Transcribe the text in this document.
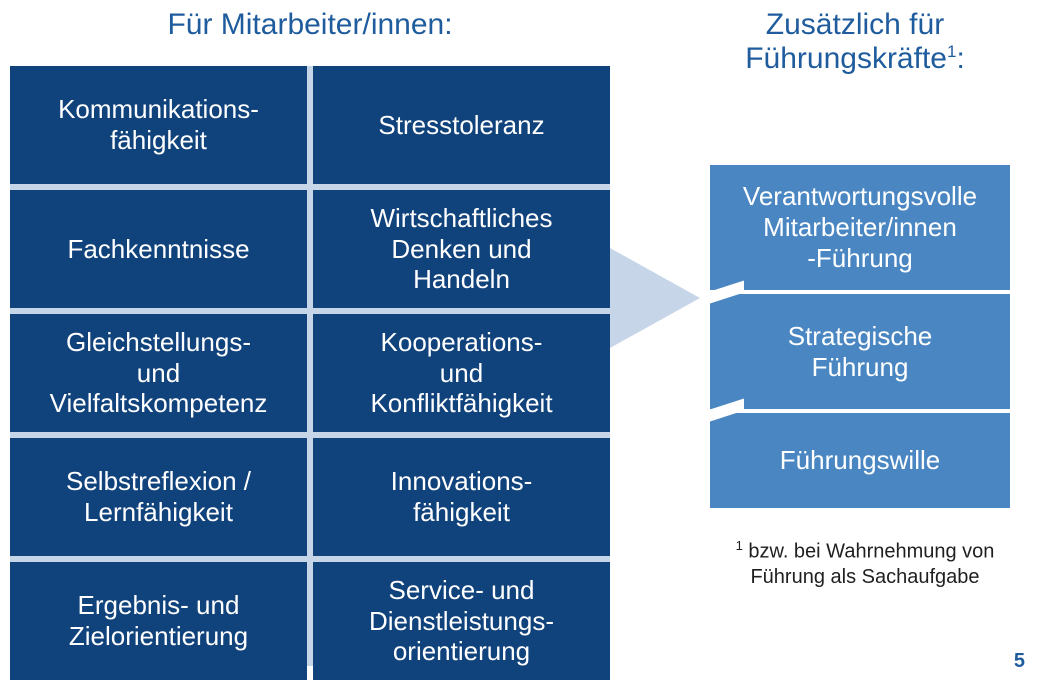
Für Mitarbeiter/innen:	Zusätzlich für
Führungskräfte$^1$:
Kommunikations-
fähigkeit
Stresstoleranz
Fachkenntnisse
Wirtschaftliches
Denken und
Handeln
Gleichstellungs-
und
Vielfaltskompetenz
Kooperations-
und
Konfliktfähigkeit
Selbstreflexion /
Lernfähigkeit
Innovations-
fähigkeit
Ergebnis- und
Zielorientierung
Service- und
Dienstleistungs-
orientierung
Verantwortungsvolle
Mitarbeiter/innen
-Führung
Strategische
Führung
Führungswille
$^1$ bzw. bei Wahrnehmung von Führung als Sachaufgabe
5
